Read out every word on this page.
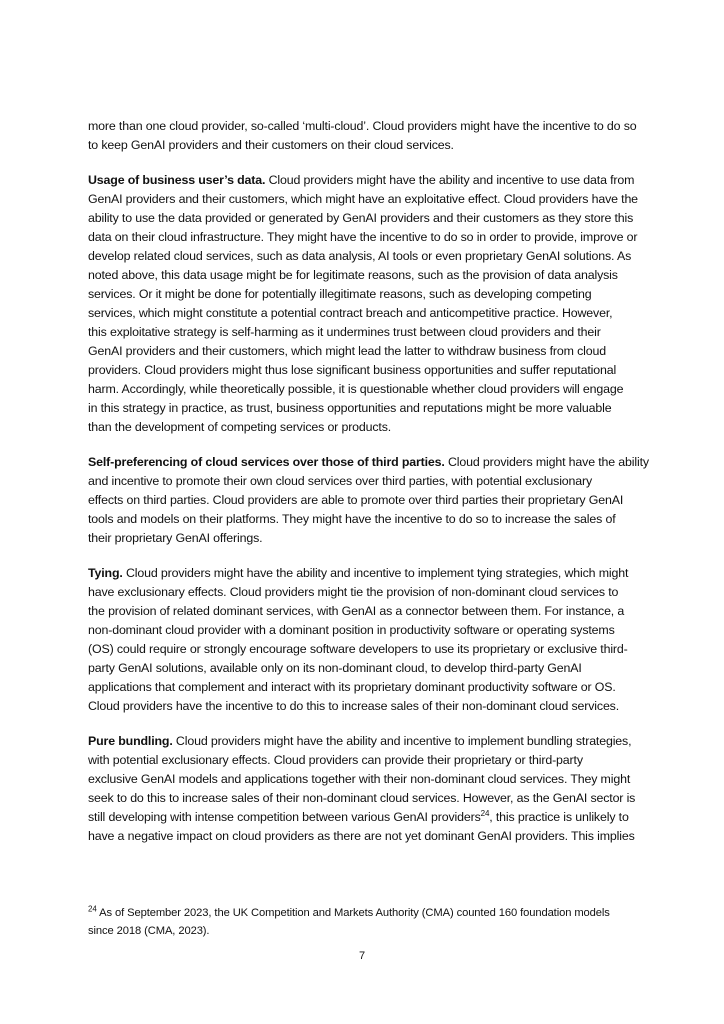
more than one cloud provider, so-called ‘multi-cloud’. Cloud providers might have the incentive to do so
to keep GenAI providers and their customers on their cloud services.

Usage of business user’s data. Cloud providers might have the ability and incentive to use data from
GenAI providers and their customers, which might have an exploitative effect. Cloud providers have the
ability to use the data provided or generated by GenAI providers and their customers as they store this
data on their cloud infrastructure. They might have the incentive to do so in order to provide, improve or
develop related cloud services, such as data analysis, AI tools or even proprietary GenAI solutions. As
noted above, this data usage might be for legitimate reasons, such as the provision of data analysis
services. Or it might be done for potentially illegitimate reasons, such as developing competing
services, which might constitute a potential contract breach and anticompetitive practice. However,
this exploitative strategy is self-harming as it undermines trust between cloud providers and their
GenAI providers and their customers, which might lead the latter to withdraw business from cloud
providers. Cloud providers might thus lose significant business opportunities and suffer reputational
harm. Accordingly, while theoretically possible, it is questionable whether cloud providers will engage
in this strategy in practice, as trust, business opportunities and reputations might be more valuable
than the development of competing services or products.

Self-preferencing of cloud services over those of third parties. Cloud providers might have the ability
and incentive to promote their own cloud services over third parties, with potential exclusionary
effects on third parties. Cloud providers are able to promote over third parties their proprietary GenAI
tools and models on their platforms. They might have the incentive to do so to increase the sales of
their proprietary GenAI offerings.

Tying. Cloud providers might have the ability and incentive to implement tying strategies, which might
have exclusionary effects. Cloud providers might tie the provision of non-dominant cloud services to
the provision of related dominant services, with GenAI as a connector between them. For instance, a
non-dominant cloud provider with a dominant position in productivity software or operating systems
(OS) could require or strongly encourage software developers to use its proprietary or exclusive third-
party GenAI solutions, available only on its non-dominant cloud, to develop third-party GenAI
applications that complement and interact with its proprietary dominant productivity software or OS.
Cloud providers have the incentive to do this to increase sales of their non-dominant cloud services.

Pure bundling. Cloud providers might have the ability and incentive to implement bundling strategies,
with potential exclusionary effects. Cloud providers can provide their proprietary or third-party
exclusive GenAI models and applications together with their non-dominant cloud services. They might
seek to do this to increase sales of their non-dominant cloud services. However, as the GenAI sector is
still developing with intense competition between various GenAI providers$^{24}$, this practice is unlikely to
have a negative impact on cloud providers as there are not yet dominant GenAI providers. This implies

$^{24}$ As of September 2023, the UK Competition and Markets Authority (CMA) counted 160 foundation models
since 2018 (CMA, 2023).
7
